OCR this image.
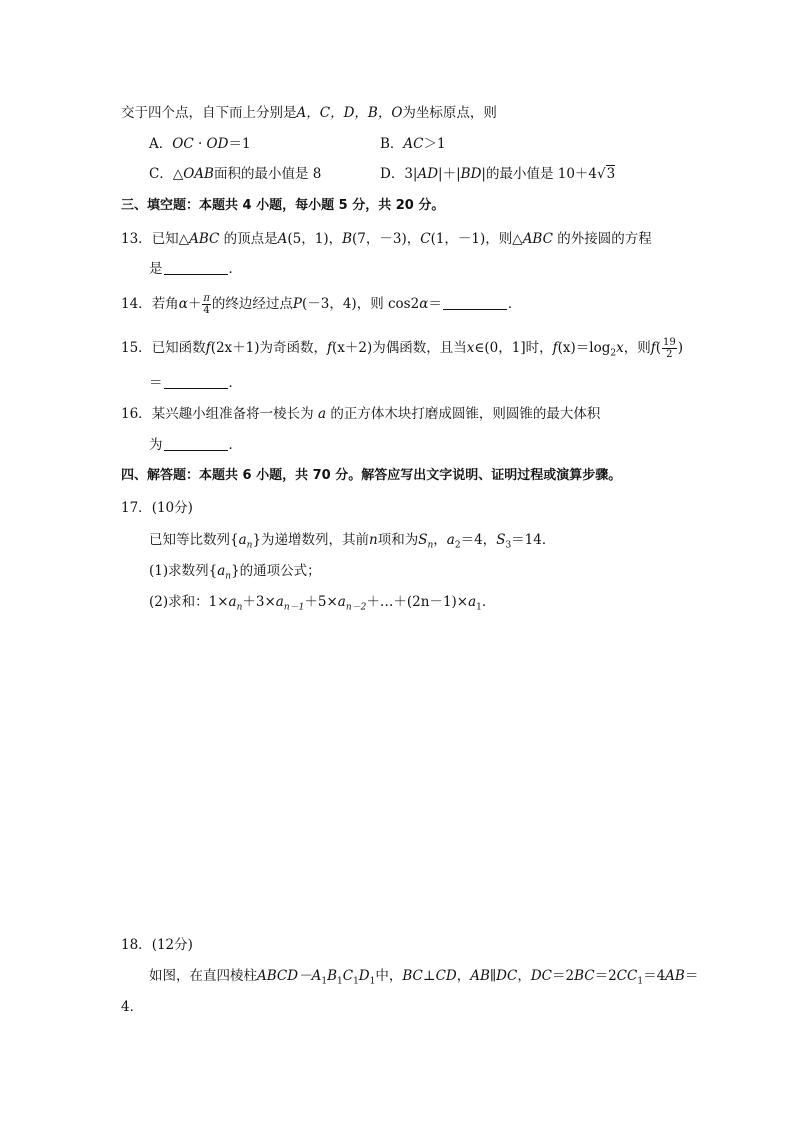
交于四个点，自下而上分别是A，C，D，B，O为坐标原点，则
A．OC · OD＝1	B．AC＞1
C．△OAB面积的最小值是 8	D．3|AD|＋|BD|的最小值是 10＋4√3
三、填空题：本题共 4 小题，每小题 5 分，共 20 分。
13．已知△ABC 的顶点是A(5，1)，B(7，－3)，C(1，－1)，则△ABC 的外接圆的方程
是	．
14．若角$\alpha+ \frac{\pi}{4}$ 的终边经过点P(－3，4)，则 cos2α＝	．
15．已知函数f(2x＋1)为奇函数，f(x＋2)为偶函数，且当x∈(0，1]时，$f(x)=\log_2x$，则$f( \frac{19}{2}$ )
＝	．
16．某兴趣小组准备将一棱长为 a 的正方体木块打磨成圆锥，则圆锥的最大体积
为	．
四、解答题：本题共 6 小题，共 70 分。解答应写出文字说明、证明过程或演算步骤。
17．(10分)
已知等比数列$\{a_n\}$为递增数列，其前n项和为$S_n$，$a_2=4$，$S_3=14$．
(1)求数列$\{a_n\}$的通项公式；
(2)求和：$1\times a_n+3\times a_{n-1}+5\times a_{n-2}+\dots+(2n-1)\times a_1$．
18．(12分)
如图，在直四棱柱$ABCD-A_1B_1C_1D_1$中，BC⊥CD，AB∥DC，$DC=2BC=2CC_1=4AB=$
4．
